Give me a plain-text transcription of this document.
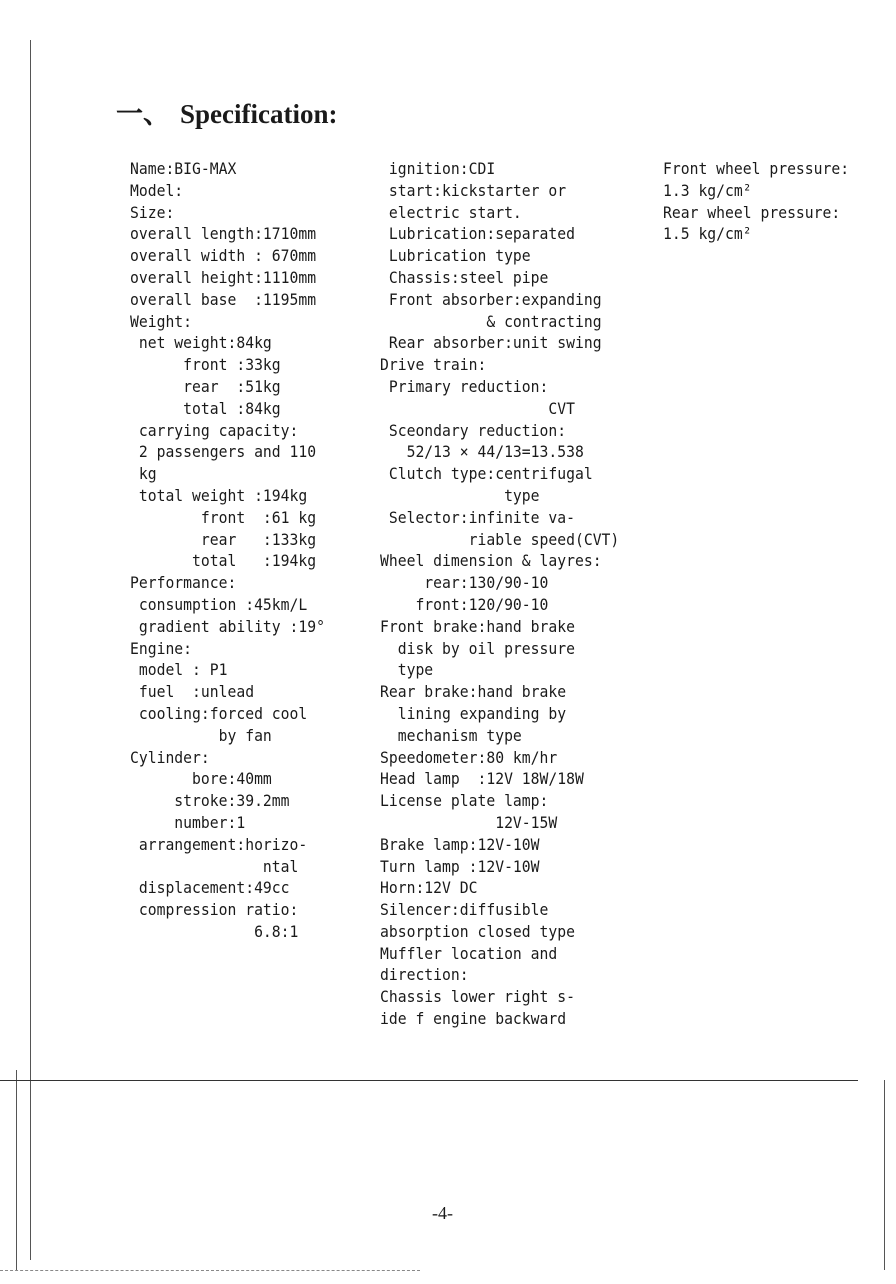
一、 Specification:
Name:BIG-MAX
Model:
Size:
overall length:1710mm
overall width : 670mm
overall height:1110mm
overall base  :1195mm
Weight:
net weight:84kg
front :33kg
rear  :51kg
total :84kg
carrying capacity:
2 passengers and 110
kg
total weight :194kg
front  :61 kg
rear   :133kg
total   :194kg
Performance:
consumption :45km/L
gradient ability :19°
Engine:
model : P1
fuel  :unlead
cooling:forced cool
by fan
Cylinder:
bore:40mm
stroke:39.2mm
number:1
arrangement:horizo-
ntal
displacement:49cc
compression ratio:
6.8:1
ignition:CDI
start:kickstarter or
electric start.
Lubrication:separated
Lubrication type
Chassis:steel pipe
Front absorber:expanding
& contracting
Rear absorber:unit swing
Drive train:
Primary reduction:
CVT
Sceondary reduction:
52/13 × 44/13=13.538
Clutch type:centrifugal
type
Selector:infinite va-
riable speed(CVT)
Wheel dimension & layres:
rear:130/90-10
front:120/90-10
Front brake:hand brake
disk by oil pressure
type
Rear brake:hand brake
lining expanding by
mechanism type
Speedometer:80 km/hr
Head lamp  :12V 18W/18W
License plate lamp:
12V-15W
Brake lamp:12V-10W
Turn lamp :12V-10W
Horn:12V DC
Silencer:diffusible
absorption closed type
Muffler location and
direction:
Chassis lower right s-
ide f engine backward
Front wheel pressure:
1.3 kg/cm²
Rear wheel pressure:
1.5 kg/cm²
-4-
